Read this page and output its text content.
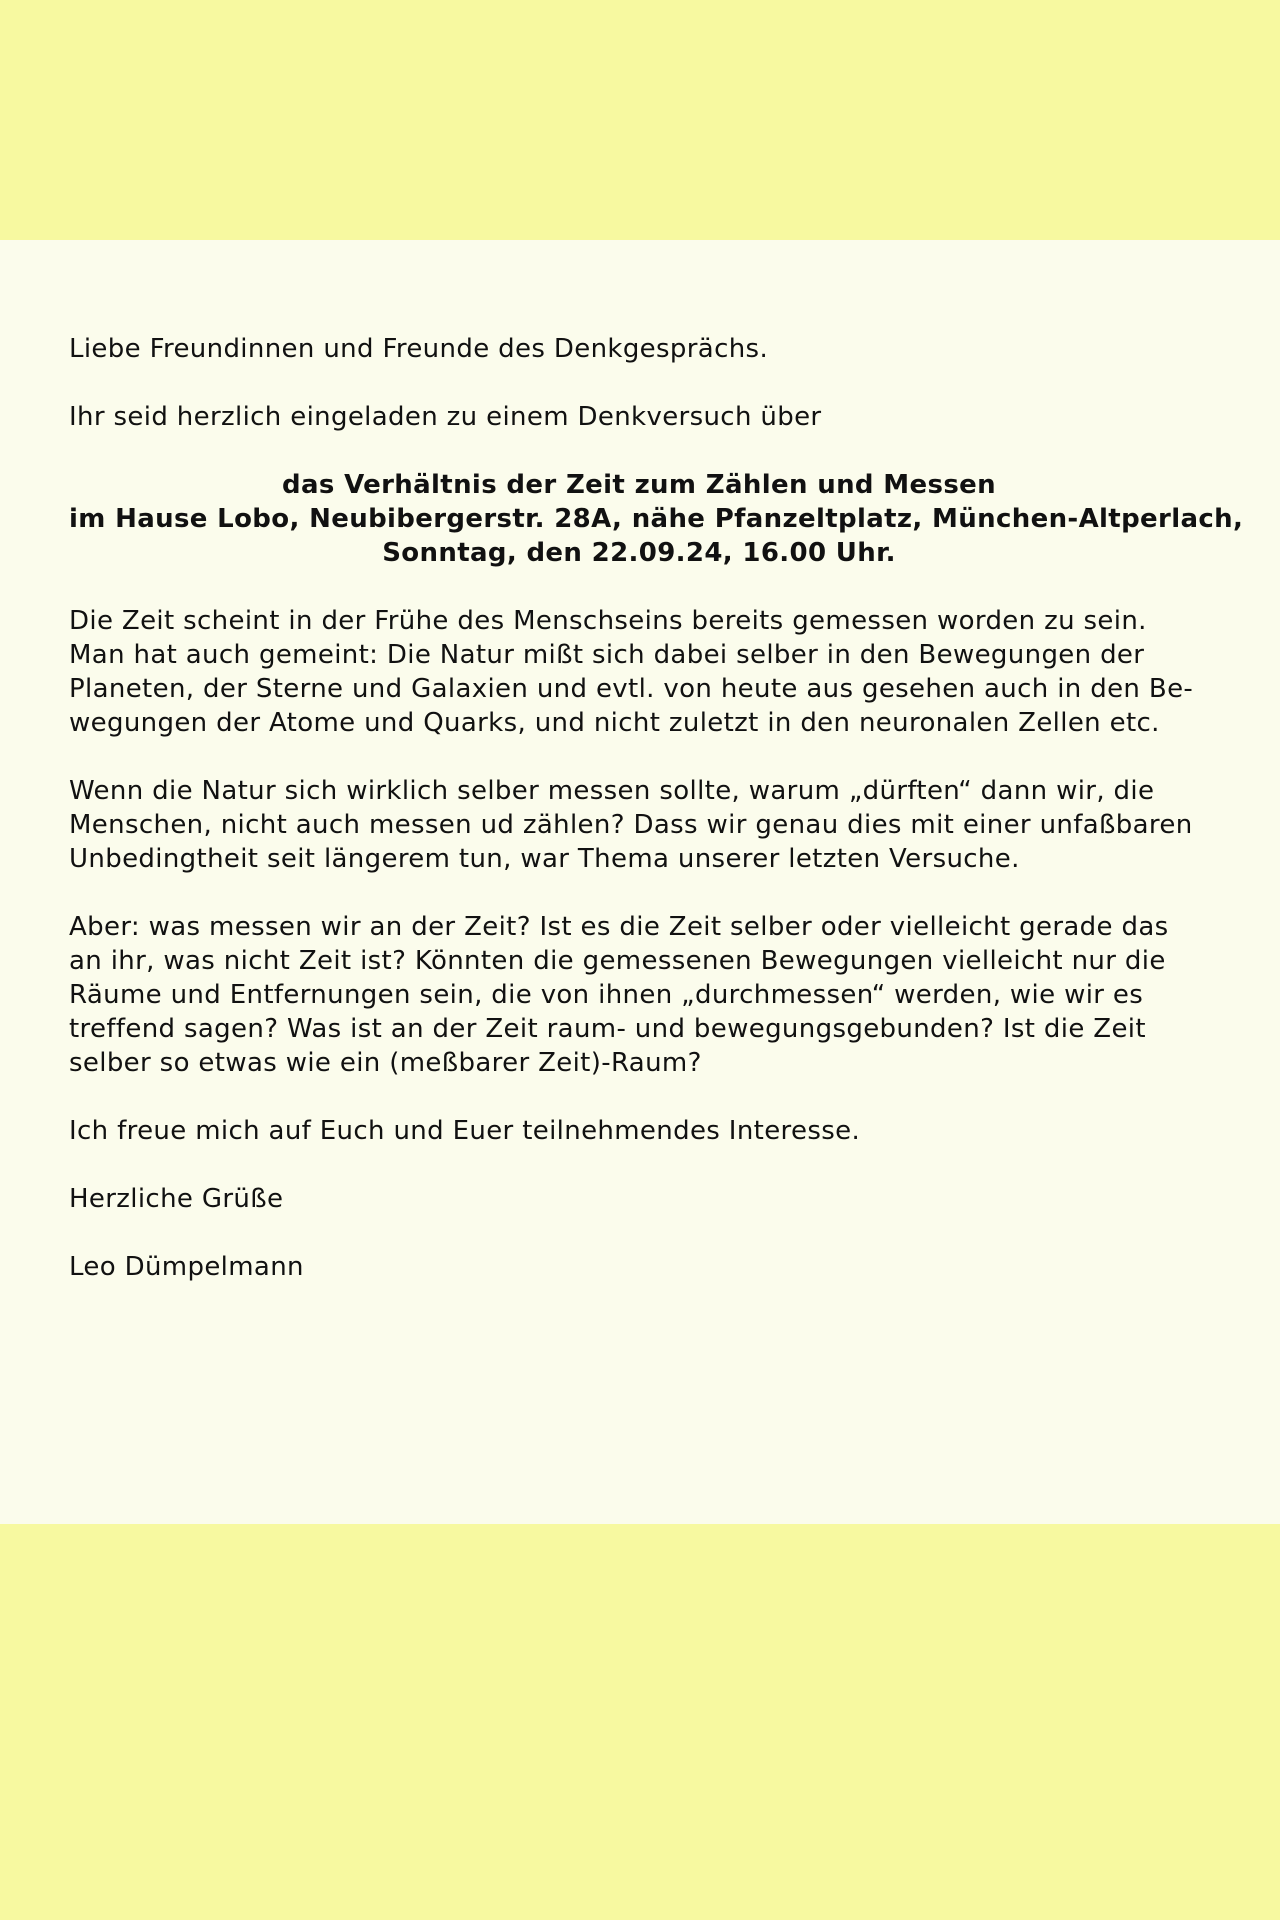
Liebe Freundinnen und Freunde des Denkgesprächs.

Ihr seid herzlich eingeladen zu einem Denkversuch über

das Verhältnis der Zeit zum Zählen und Messen
im Hause Lobo, Neubibergerstr. 28A, nähe Pfanzeltplatz, München-Altperlach,
Sonntag, den 22.09.24, 16.00 Uhr.

Die Zeit scheint in der Frühe des Menschseins bereits gemessen worden zu sein.
Man hat auch gemeint: Die Natur mißt sich dabei selber in den Bewegungen der
Planeten, der Sterne und Galaxien und evtl. von heute aus gesehen auch in den Be-
wegungen der Atome und Quarks, und nicht zuletzt in den neuronalen Zellen etc.

Wenn die Natur sich wirklich selber messen sollte, warum „dürften“ dann wir, die
Menschen, nicht auch messen ud zählen? Dass wir genau dies mit einer unfaßbaren
Unbedingtheit seit längerem tun, war Thema unserer letzten Versuche.

Aber: was messen wir an der Zeit? Ist es die Zeit selber oder vielleicht gerade das
an ihr, was nicht Zeit ist? Könnten die gemessenen Bewegungen vielleicht nur die
Räume und Entfernungen sein, die von ihnen „durchmessen“ werden, wie wir es
treffend sagen? Was ist an der Zeit raum- und bewegungsgebunden? Ist die Zeit
selber so etwas wie ein (meßbarer Zeit)-Raum?

Ich freue mich auf Euch und Euer teilnehmendes Interesse.

Herzliche Grüße

Leo Dümpelmann
